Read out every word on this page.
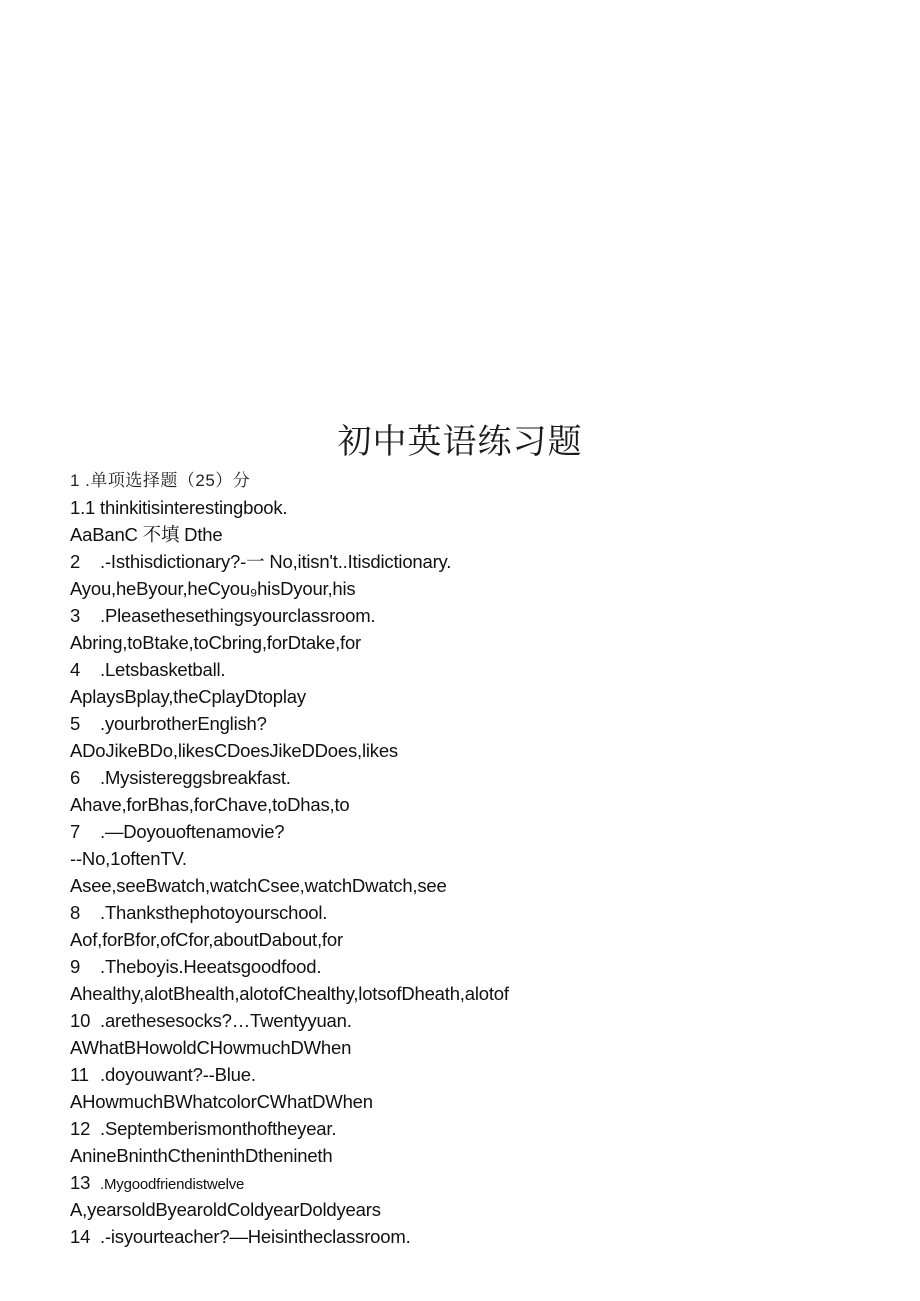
初中英语练习题
1 .单项选择题（25）分
1.1 thinkitisinterestingbook.
AaBanC 不填 Dthe
2 .-Isthisdictionary?-一 No,itisn't..Itisdictionary.
Ayou,heByour,heCyou₉hisDyour,his
3 .Pleasethesethingsyourclassroom.
Abring,toBtake,toCbring,forDtake,for
4 .Letsbasketball.
AplaysBplay,theCplayDtoplay
5 .yourbrotherEnglish?
ADoJikeBDo,likesCDoesJikeDDoes,likes
6 .Mysistereggsbreakfast.
Ahave,forBhas,forChave,toDhas,to
7 .—Doyouoftenamovie?
--No,1oftenTV.
Asee,seeBwatch,watchCsee,watchDwatch,see
8 .Thanksthephotoyourschool.
Aof,forBfor,ofCfor,aboutDabout,for
9 .Theboyis.Heeatsgoodfood.
Ahealthy,alotBhealth,alotofChealthy,lotsofDheath,alotof
10 .arethesesocks?…Twentyyuan.
AWhatBHowoldCHowmuchDWhen
11 .doyouwant?--Blue.
AHowmuchBWhatcolorCWhatDWhen
12 .Septemberismonthoftheyear.
AnineBninthCtheninthDthenineth
13 .Mygoodfriendistwelve
A,yearsoldByearoldColdyearDoldyears
14 .-isyourteacher?—Heisintheclassroom.
